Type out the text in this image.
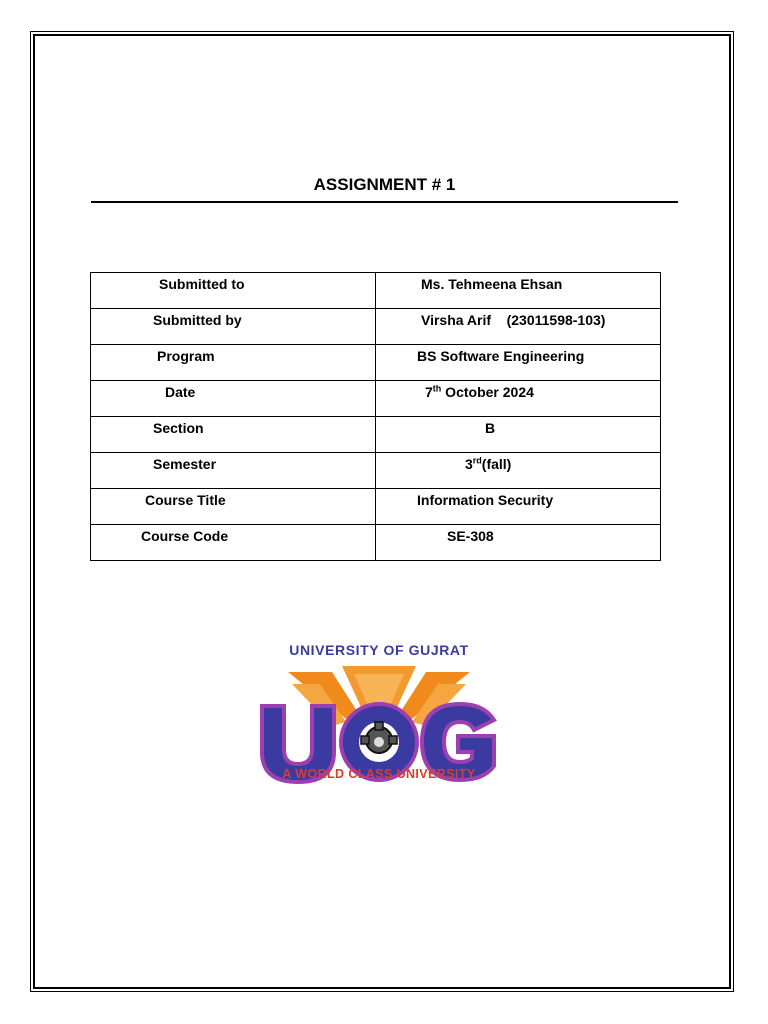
ASSIGNMENT # 1
Submitted to	Ms. Tehmeena Ehsan

Submitted by	Virsha Arif    (23011598-103)

Program	BS Software Engineering

Date	7th October 2024

Section	B

Semester	3rd(fall)

Course Title	Information Security

Course Code	SE-308
UNIVERSITY OF GUJRAT
A WORLD CLASS UNIVERSITY
